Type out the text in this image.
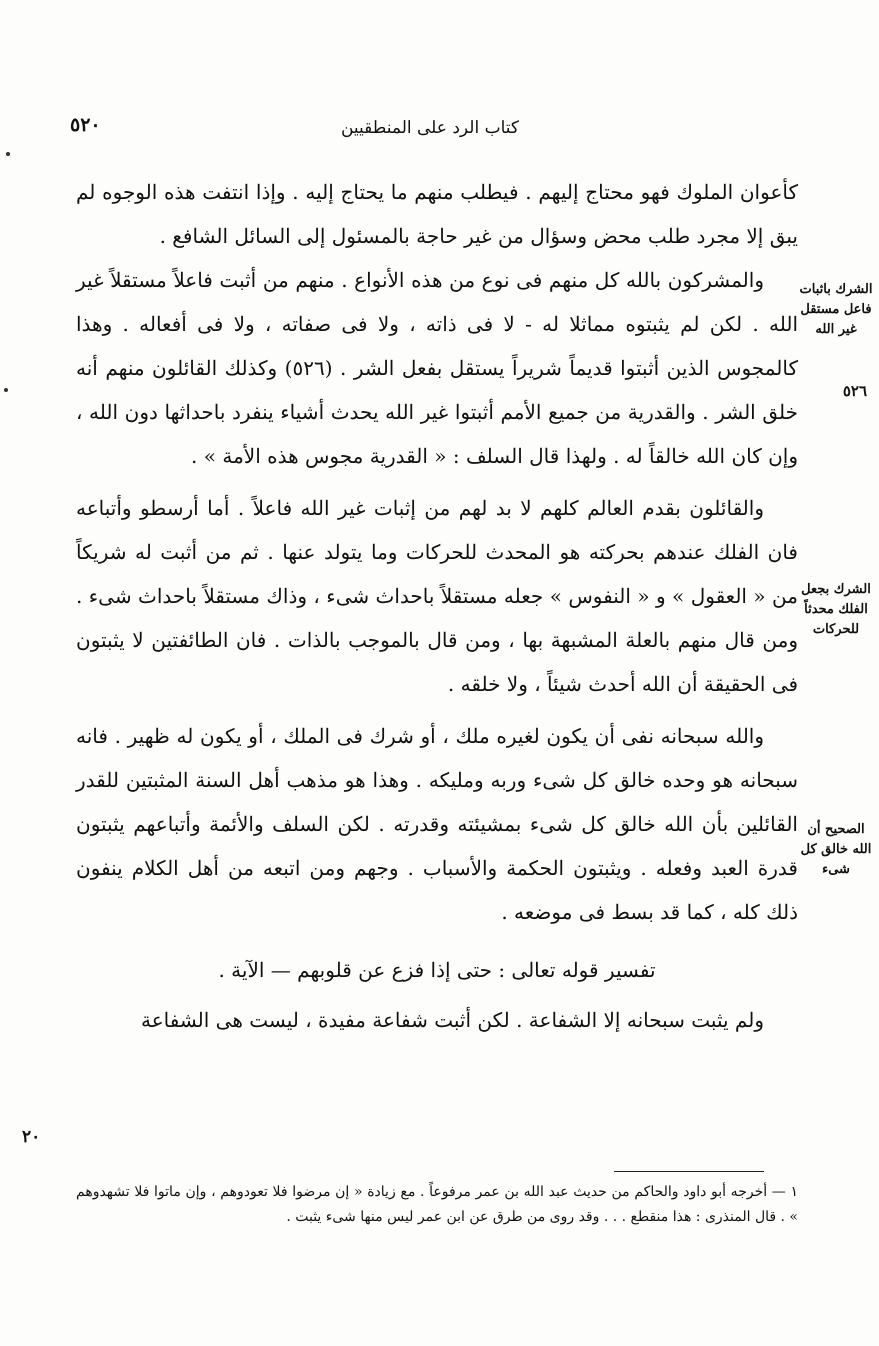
كتاب الرد على المنطقيين
٥٢٠
الشرك باثبات فاعل مستقل غير الله
٥٢٦
الشرك بجعل الفلك محدثاً للحركات
الصحيح أن الله خالق كل شىء

كأعوان الملوك فهو محتاج إليهم . فيطلب منهم ما يحتاج إليه . وإذا انتفت هذه الوجوه لم يبق إلا مجرد طلب محض وسؤال من غير حاجة بالمسئول إلى السائل الشافع .

والمشركون بالله كل منهم فى نوع من هذه الأنواع . منهم من أثبت فاعلاً مستقلاً غير الله . لكن لم يثبتوه مماثلا له - لا فى ذاته ، ولا فى صفاته ، ولا فى أفعاله . وهذا كالمجوس الذين أثبتوا قديماً شريراً يستقل بفعل الشر . (٥٢٦) وكذلك القائلون منهم أنه خلق الشر . والقدرية من جميع الأمم أثبتوا غير الله يحدث أشياء ينفرد باحداثها دون الله ، وإن كان الله خالقاً له . ولهذا قال السلف : « القدرية مجوس هذه الأمة » .

والقائلون بقدم العالم كلهم لا بد لهم من إثبات غير الله فاعلاً . أما أرسطو وأتباعه فان الفلك عندهم بحركته هو المحدث للحركات وما يتولد عنها . ثم من أثبت له شريكاً من « العقول » و « النفوس » جعله مستقلاً باحداث شىء ، وذاك مستقلاً باحداث شىء . ومن قال منهم بالعلة المشبهة بها ، ومن قال بالموجب بالذات . فان الطائفتين لا يثبتون فى الحقيقة أن الله أحدث شيئاً ، ولا خلقه .

والله سبحانه نفى أن يكون لغيره ملك ، أو شرك فى الملك ، أو يكون له ظهير . فانه سبحانه هو وحده خالق كل شىء وربه ومليكه . وهذا هو مذهب أهل السنة المثبتين للقدر القائلين بأن الله خالق كل شىء بمشيئته وقدرته . لكن السلف والأئمة وأتباعهم يثبتون قدرة العبد وفعله . ويثبتون الحكمة والأسباب . وجهم ومن اتبعه من أهل الكلام ينفون ذلك كله ، كما قد بسط فى موضعه .

تفسير قوله تعالى : حتى إذا فزع عن قلوبهم — الآية .

ولم يثبت سبحانه إلا الشفاعة . لكن أثبت شفاعة مفيدة ، ليست هى الشفاعة

٢٠

١ — أخرجه أبو داود والحاكم من حديث عبد الله بن عمر مرفوعاً . مع زيادة « إن مرضوا فلا تعودوهم ، وإن ماتوا فلا تشهدوهم » . قال المنذرى : هذا منقطع . . . وقد روى من طرق عن ابن عمر ليس منها شىء يثبت .
